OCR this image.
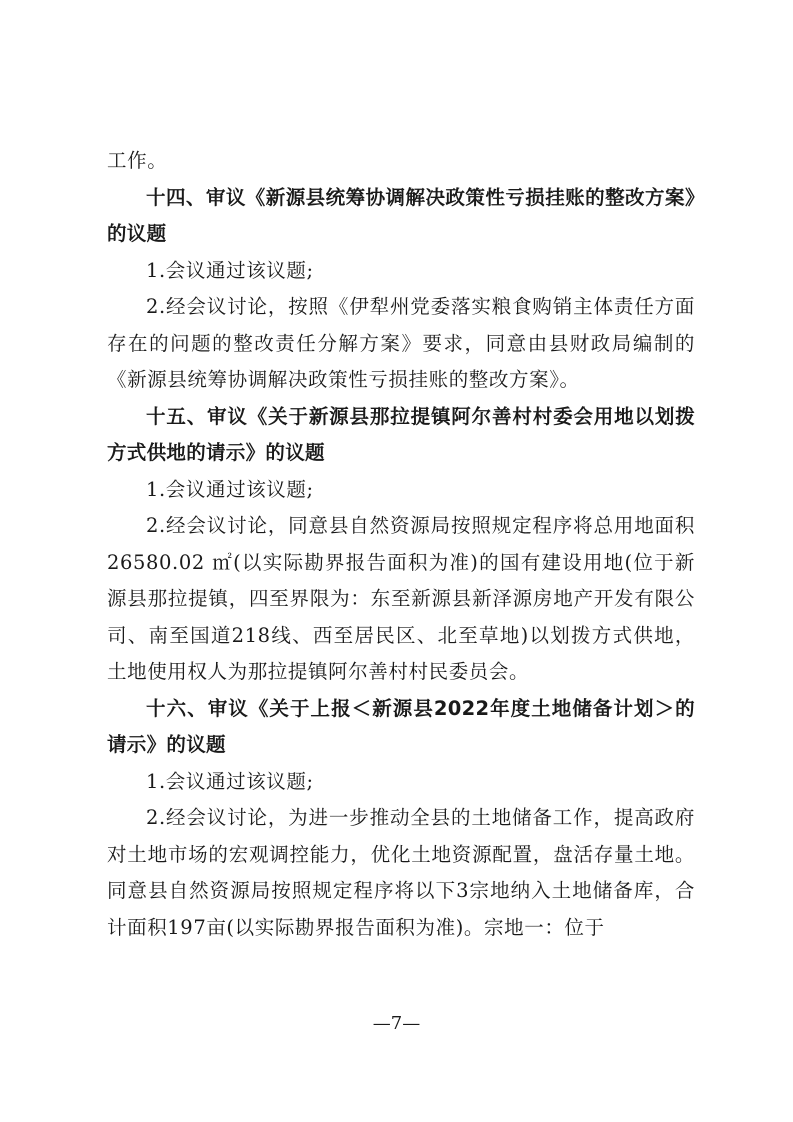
工作。

十四、审议《新源县统筹协调解决政策性亏损挂账的整改方案》的议题

1.会议通过该议题;

2.经会议讨论，按照《伊犁州党委落实粮食购销主体责任方面存在的问题的整改责任分解方案》要求，同意由县财政局编制的《新源县统筹协调解决政策性亏损挂账的整改方案》。

十五、审议《关于新源县那拉提镇阿尔善村村委会用地以划拨方式供地的请示》的议题

1.会议通过该议题;

2.经会议讨论，同意县自然资源局按照规定程序将总用地面积 26580.02 ㎡(以实际勘界报告面积为准)的国有建设用地(位于新源县那拉提镇，四至界限为：东至新源县新泽源房地产开发有限公司、南至国道218线、西至居民区、北至草地)以划拨方式供地，土地使用权人为那拉提镇阿尔善村村民委员会。

十六、审议《关于上报＜新源县2022年度土地储备计划＞的请示》的议题

1.会议通过该议题;

2.经会议讨论，为进一步推动全县的土地储备工作，提高政府对土地市场的宏观调控能力，优化土地资源配置，盘活存量土地。同意县自然资源局按照规定程序将以下3宗地纳入土地储备库，合计面积197亩(以实际勘界报告面积为准)。宗地一：位于

—7—
